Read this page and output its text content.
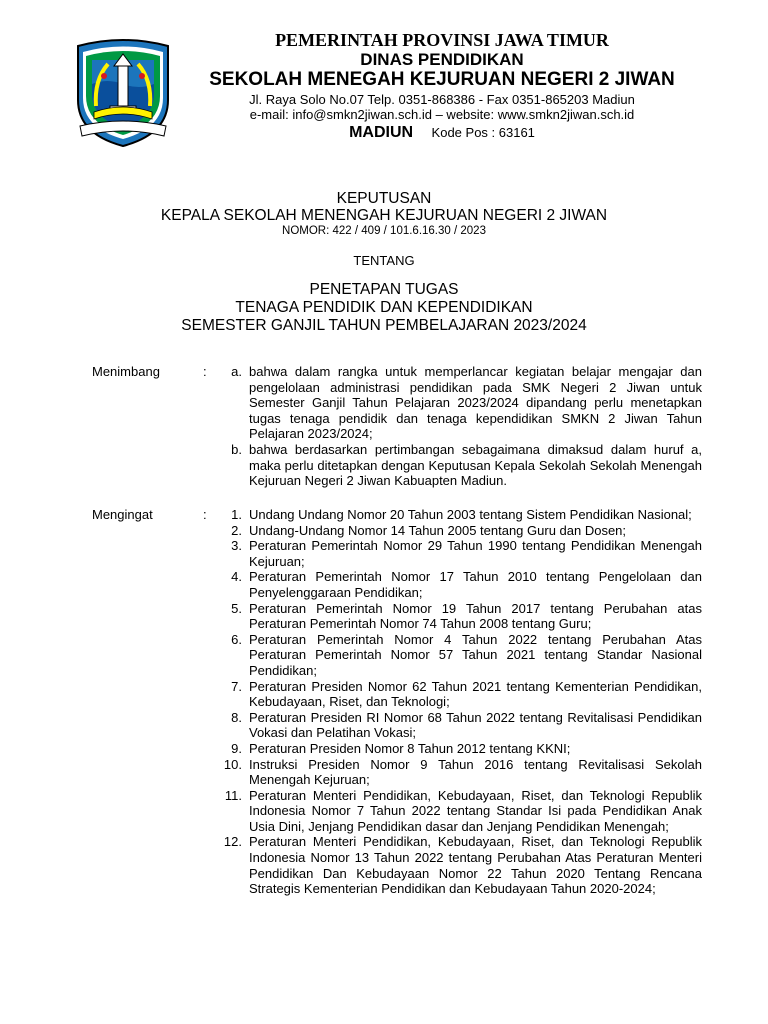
PEMERINTAH PROVINSI JAWA TIMUR
DINAS PENDIDIKAN
SEKOLAH MENEGAH KEJURUAN NEGERI 2 JIWAN
Jl. Raya Solo No.07 Telp. 0351-868386 - Fax 0351-865203 Madiun
e-mail: info@smkn2jiwan.sch.id – website: www.smkn2jiwan.sch.id
MADIUN Kode Pos : 63161
KEPUTUSAN
KEPALA SEKOLAH MENENGAH KEJURUAN NEGERI 2 JIWAN
NOMOR: 422 / 409 / 101.6.16.30 / 2023
TENTANG
PENETAPAN TUGAS
TENAGA PENDIDIK DAN KEPENDIDIKAN
SEMESTER GANJIL TAHUN PEMBELAJARAN 2023/2024
Menimbang	:	a. bahwa dalam rangka untuk memperlancar kegiatan belajar mengajar dan pengelolaan administrasi pendidikan pada SMK Negeri 2 Jiwan untuk Semester Ganjil Tahun Pelajaran 2023/2024 dipandang perlu menetapkan tugas tenaga pendidik dan tenaga kependidikan SMKN 2 Jiwan Tahun Pelajaran 2023/2024;
b. bahwa berdasarkan pertimbangan sebagaimana dimaksud dalam huruf a, maka perlu ditetapkan dengan Keputusan Kepala Sekolah Sekolah Menengah Kejuruan Negeri 2 Jiwan Kabuapten Madiun.
Mengingat	:	1. Undang Undang Nomor 20 Tahun 2003 tentang Sistem Pendidikan Nasional;
2. Undang-Undang Nomor 14 Tahun 2005 tentang Guru dan Dosen;
3. Peraturan Pemerintah Nomor 29 Tahun 1990 tentang Pendidikan Menengah Kejuruan;
4. Peraturan Pemerintah Nomor 17 Tahun 2010 tentang Pengelolaan dan Penyelenggaraan Pendidikan;
5. Peraturan Pemerintah Nomor 19 Tahun 2017 tentang Perubahan atas Peraturan Pemerintah Nomor 74 Tahun 2008 tentang Guru;
6. Peraturan Pemerintah Nomor 4 Tahun 2022 tentang Perubahan Atas Peraturan Pemerintah Nomor 57 Tahun 2021 tentang Standar Nasional Pendidikan;
7. Peraturan Presiden Nomor 62 Tahun 2021 tentang Kementerian Pendidikan, Kebudayaan, Riset, dan Teknologi;
8. Peraturan Presiden RI Nomor 68 Tahun 2022 tentang Revitalisasi Pendidikan Vokasi dan Pelatihan Vokasi;
9. Peraturan Presiden Nomor 8 Tahun 2012 tentang KKNI;
10. Instruksi Presiden Nomor 9 Tahun 2016 tentang Revitalisasi Sekolah Menengah Kejuruan;
11. Peraturan Menteri Pendidikan, Kebudayaan, Riset, dan Teknologi Republik Indonesia Nomor 7 Tahun 2022 tentang Standar Isi pada Pendidikan Anak Usia Dini, Jenjang Pendidikan dasar dan Jenjang Pendidikan Menengah;
12. Peraturan Menteri Pendidikan, Kebudayaan, Riset, dan Teknologi Republik Indonesia Nomor 13 Tahun 2022 tentang Perubahan Atas Peraturan Menteri Pendidikan Dan Kebudayaan Nomor 22 Tahun 2020 Tentang Rencana Strategis Kementerian Pendidikan dan Kebudayaan Tahun 2020-2024;
